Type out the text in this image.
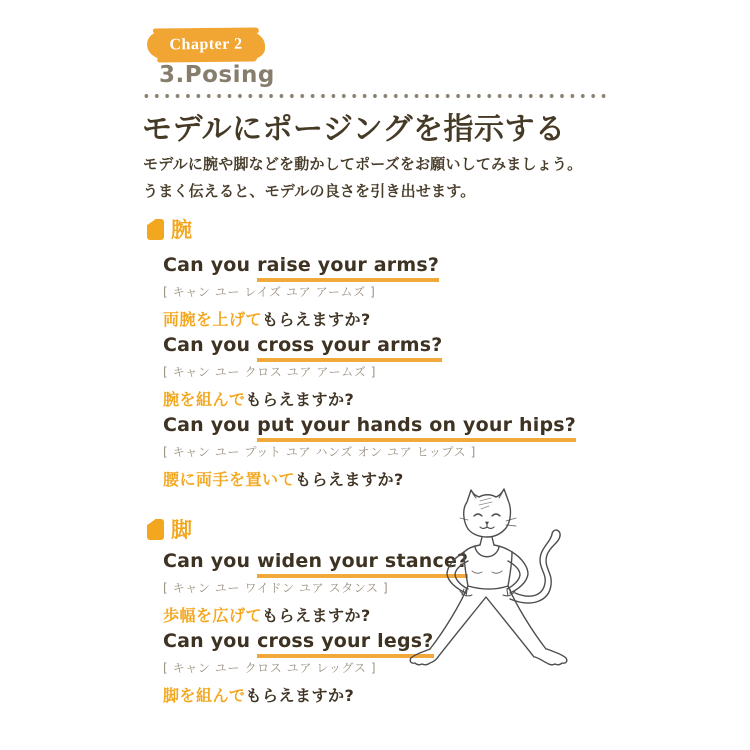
Chapter 2
3.Posing
モデルにポージングを指示する
モデルに腕や脚などを動かしてポーズをお願いしてみましょう。
うまく伝えると、モデルの良さを引き出せます。
腕
Can you raise your arms?
[ キャン ユー レイズ ユア アームズ ]
両腕を上げてもらえますか?
Can you cross your arms?
[ キャン ユー クロス ユア アームズ ]
腕を組んでもらえますか?
Can you put your hands on your hips?
[ キャン ユー プット ユア ハンズ オン ユア ヒップス ]
腰に両手を置いてもらえますか?
脚
Can you widen your stance?
[ キャン ユー ワイドン ユア スタンス ]
歩幅を広げてもらえますか?
Can you cross your legs?
[ キャン ユー クロス ユア レッグス ]
脚を組んでもらえますか?
